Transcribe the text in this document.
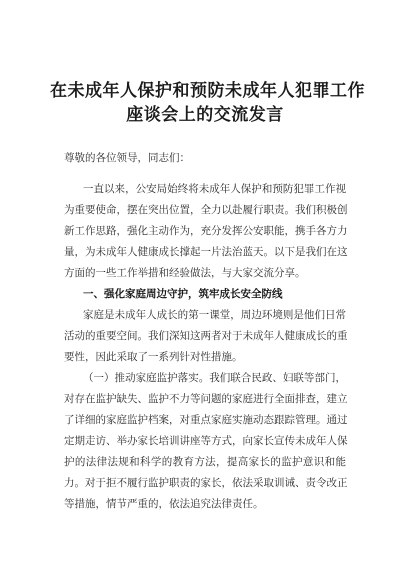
在未成年人保护和预防未成年人犯罪工作
座谈会上的交流发言
尊敬的各位领导，同志们：
一直以来，公安局始终将未成年人保护和预防犯罪工作视
为重要使命，摆在突出位置，全力以赴履行职责。我们积极创
新工作思路，强化主动作为，充分发挥公安职能，携手各方力
量，为未成年人健康成长撑起一片法治蓝天。以下是我们在这
方面的一些工作举措和经验做法，与大家交流分享。
一、强化家庭周边守护，筑牢成长安全防线
家庭是未成年人成长的第一课堂，周边环境则是他们日常
活动的重要空间。我们深知这两者对于未成年人健康成长的重
要性，因此采取了一系列针对性措施。
（一）推动家庭监护落实。我们联合民政、妇联等部门，
对存在监护缺失、监护不力等问题的家庭进行全面排查，建立
了详细的家庭监护档案，对重点家庭实施动态跟踪管理。通过
定期走访、举办家长培训讲座等方式，向家长宣传未成年人保
护的法律法规和科学的教育方法，提高家长的监护意识和能
力。对于拒不履行监护职责的家长，依法采取训诫、责令改正
等措施，情节严重的，依法追究法律责任。
